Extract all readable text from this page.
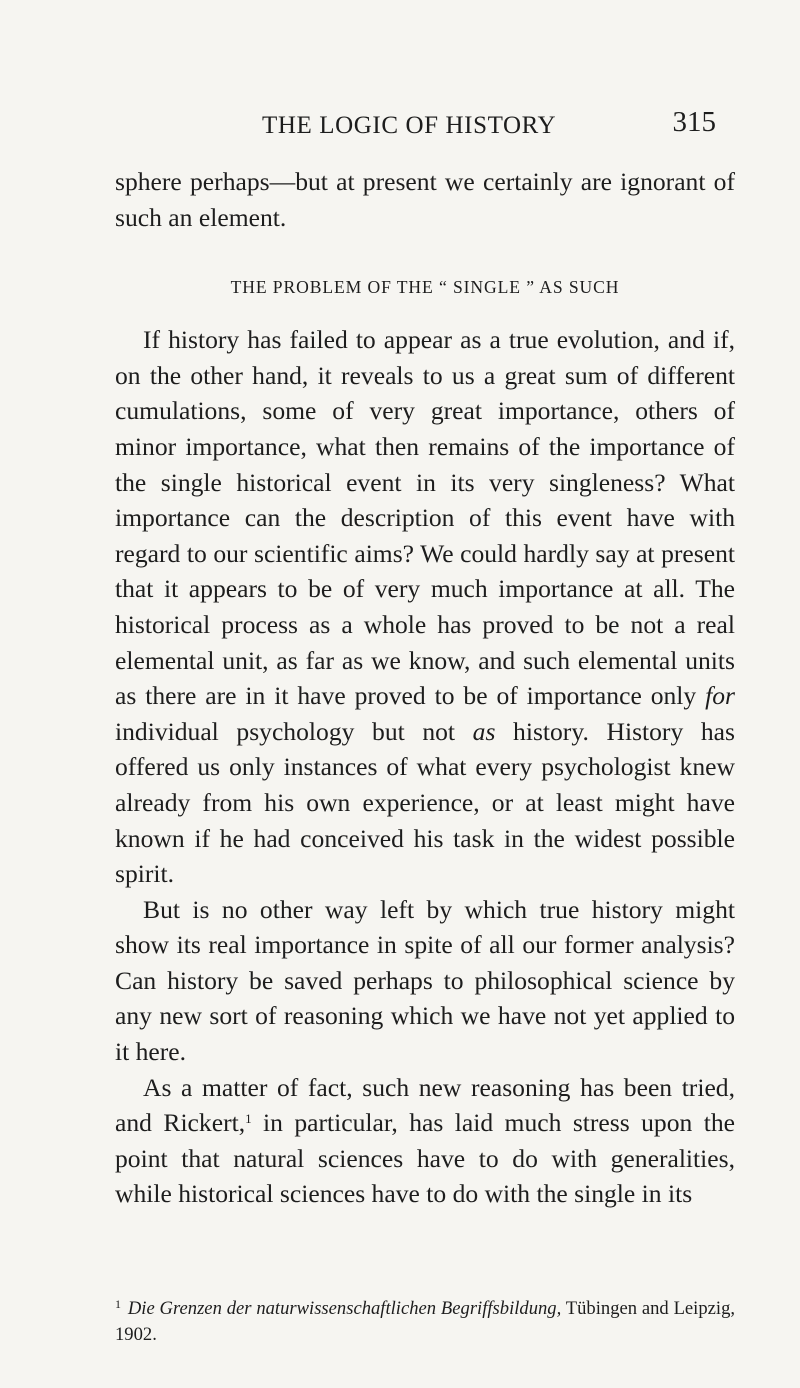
THE LOGIC OF HISTORY	315

sphere perhaps—but at present we certainly are ignorant of such an element.

THE PROBLEM OF THE “ SINGLE ” AS SUCH

If history has failed to appear as a true evolution, and if, on the other hand, it reveals to us a great sum of different cumulations, some of very great importance, others of minor importance, what then remains of the importance of the single historical event in its very singleness? What importance can the description of this event have with regard to our scientific aims? We could hardly say at present that it appears to be of very much importance at all. The historical process as a whole has proved to be not a real elemental unit, as far as we know, and such elemental units as there are in it have proved to be of importance only for individual psychology but not as history. History has offered us only instances of what every psychologist knew already from his own experience, or at least might have known if he had conceived his task in the widest possible spirit.

But is no other way left by which true history might show its real importance in spite of all our former analysis? Can history be saved perhaps to philosophical science by any new sort of reasoning which we have not yet applied to it here.

As a matter of fact, such new reasoning has been tried, and Rickert,$^1$ in particular, has laid much stress upon the point that natural sciences have to do with generalities, while historical sciences have to do with the single in its

$^1$ Die Grenzen der naturwissenschaftlichen Begriffsbildung, Tübingen and Leipzig, 1902.
